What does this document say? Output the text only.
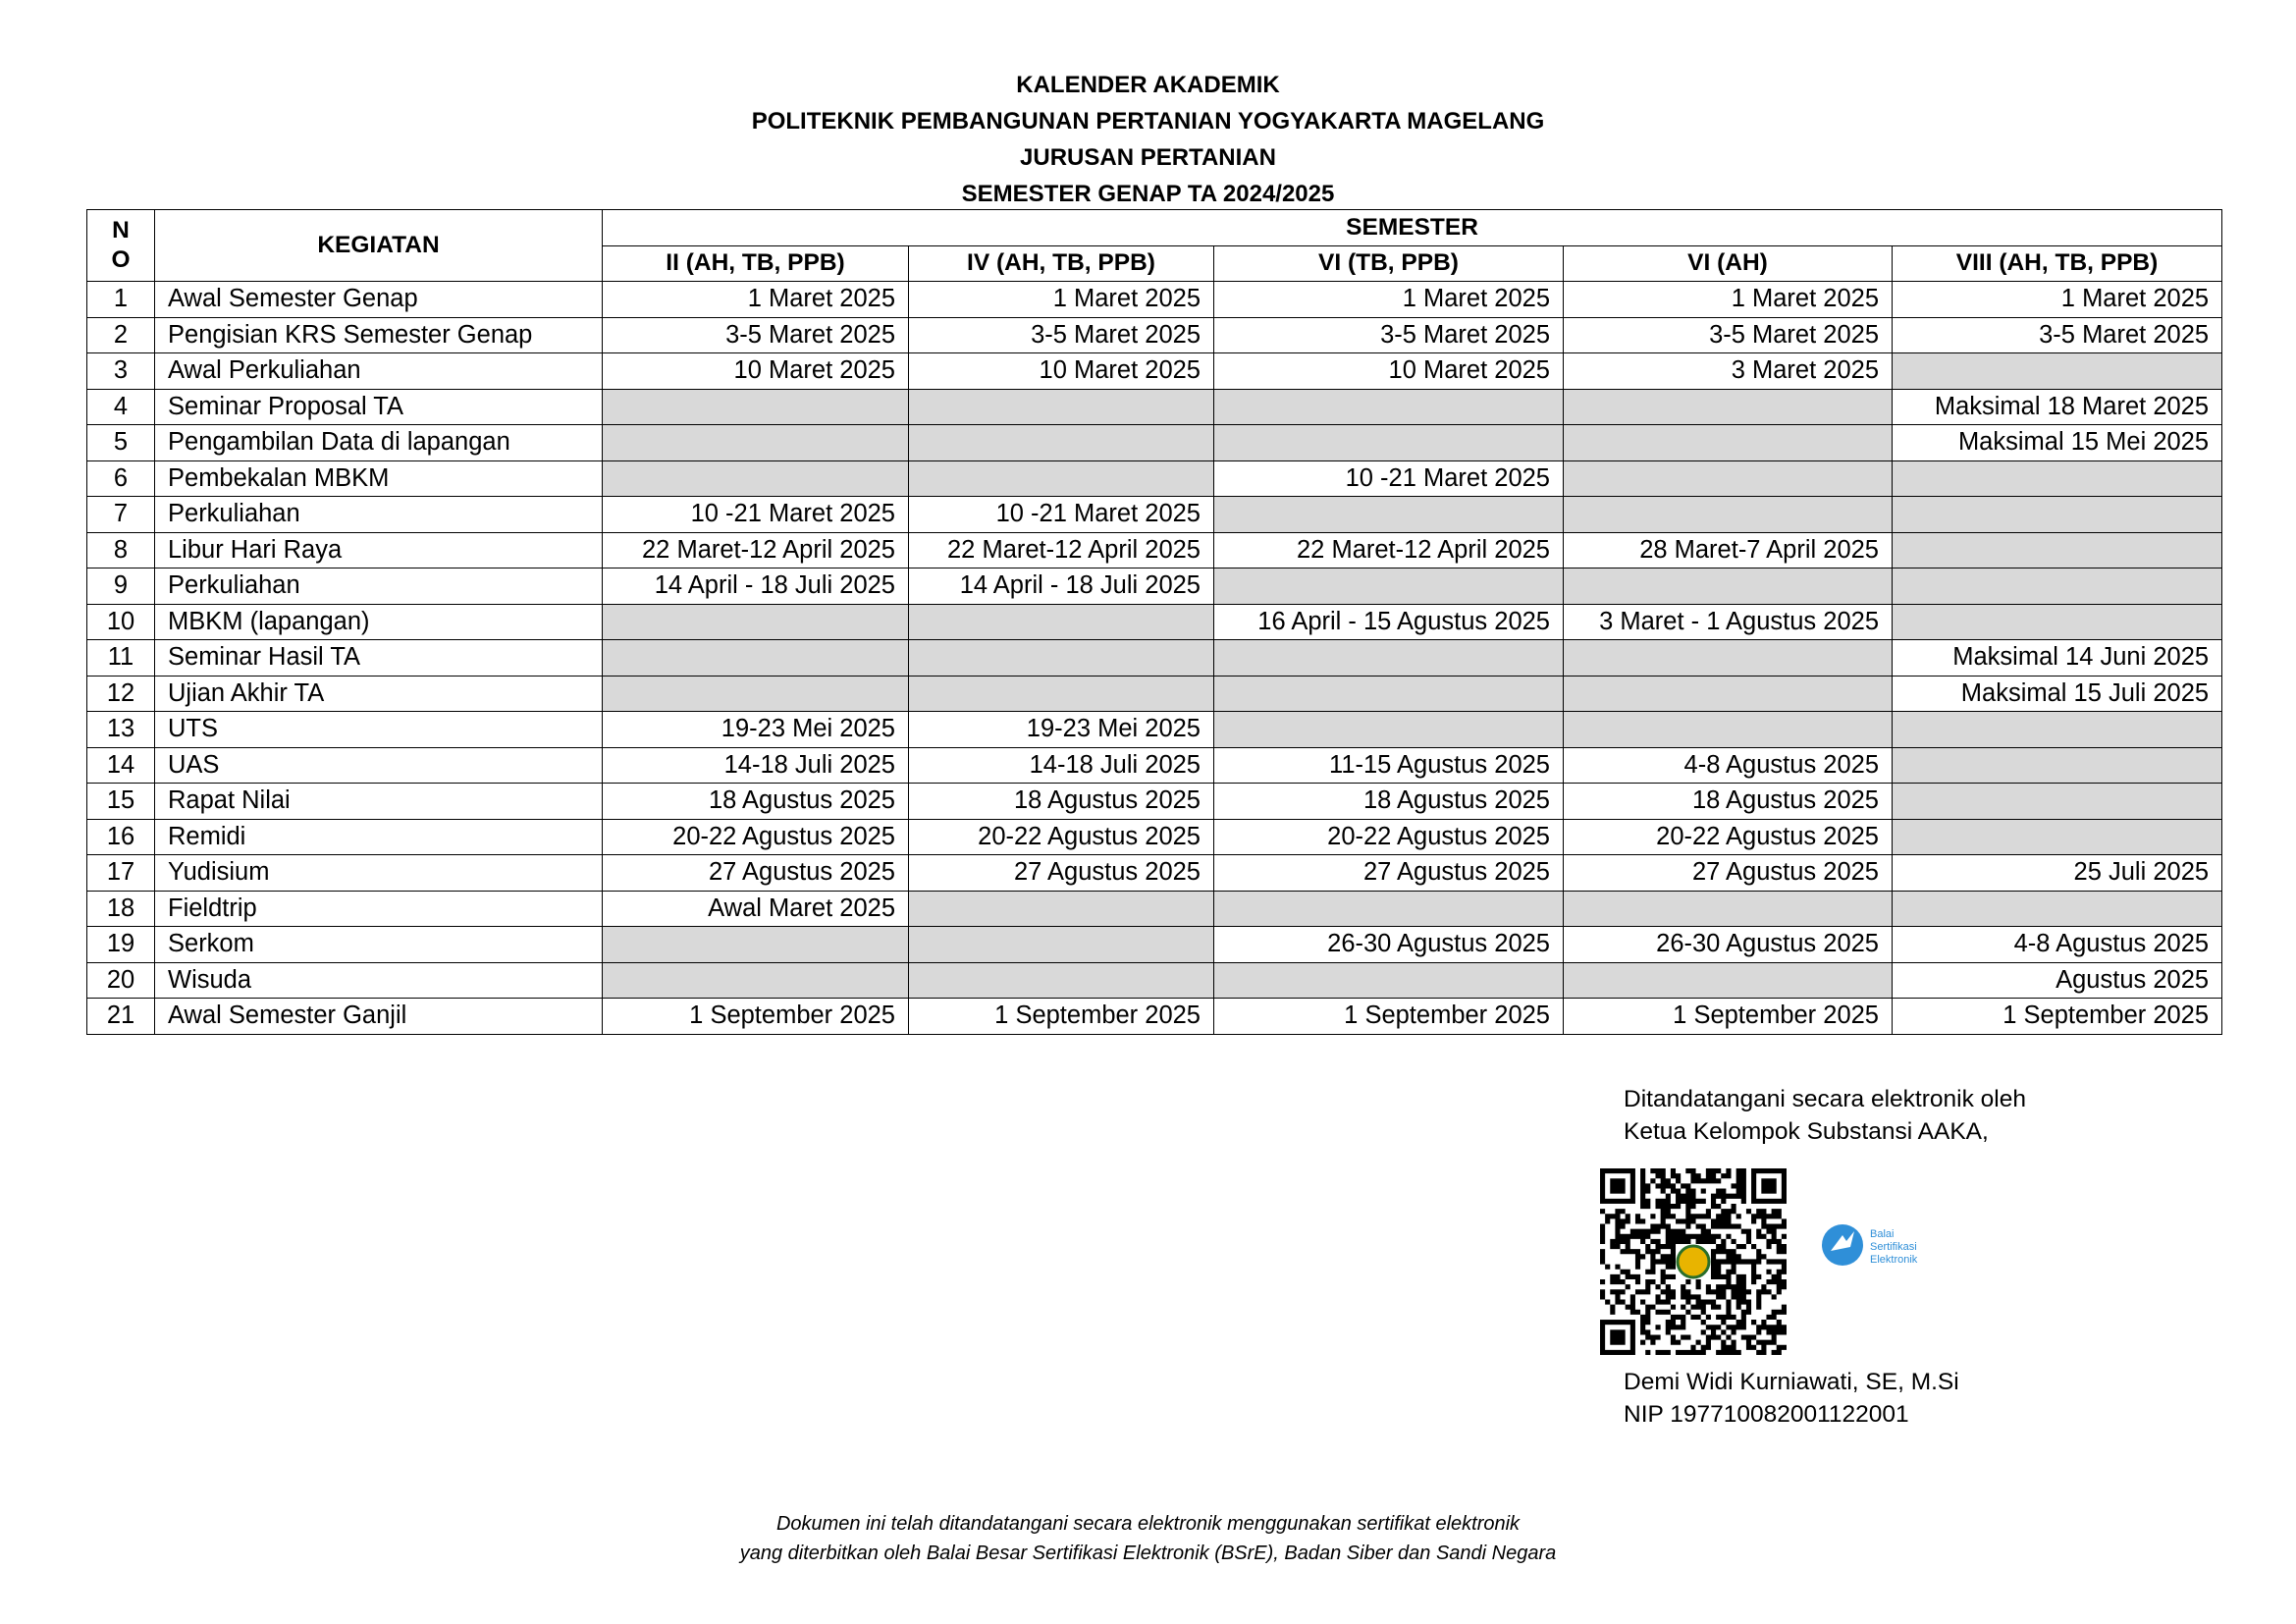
KALENDER AKADEMIK
POLITEKNIK PEMBANGUNAN PERTANIAN YOGYAKARTA MAGELANG
JURUSAN PERTANIAN
SEMESTER GENAP TA 2024/2025
N
O	KEGIATAN	SEMESTER				
		II (AH, TB, PPB)	IV (AH, TB, PPB)	VI (TB, PPB)	VI (AH)	VIII (AH, TB, PPB)
1	Awal Semester Genap	1 Maret 2025	1 Maret 2025	1 Maret 2025	1 Maret 2025	1 Maret 2025
2	Pengisian KRS Semester Genap	3-5 Maret 2025	3-5 Maret 2025	3-5 Maret 2025	3-5 Maret 2025	3-5 Maret 2025
3	Awal Perkuliahan	10 Maret 2025	10 Maret 2025	10 Maret 2025	3 Maret 2025	
4	Seminar Proposal TA					Maksimal 18 Maret 2025
5	Pengambilan Data di lapangan					Maksimal 15 Mei 2025
6	Pembekalan MBKM			10 -21 Maret 2025		
7	Perkuliahan	10 -21 Maret 2025	10 -21 Maret 2025			
8	Libur Hari Raya	22 Maret-12 April 2025	22 Maret-12 April 2025	22 Maret-12 April 2025	28 Maret-7 April 2025	
9	Perkuliahan	14 April - 18 Juli 2025	14 April - 18 Juli 2025			
10	MBKM (lapangan)			16 April - 15 Agustus 2025	3 Maret - 1 Agustus 2025	
11	Seminar Hasil TA					Maksimal 14 Juni 2025
12	Ujian Akhir TA					Maksimal 15 Juli 2025
13	UTS	19-23 Mei 2025	19-23 Mei 2025			
14	UAS	14-18 Juli 2025	14-18 Juli 2025	11-15 Agustus 2025	4-8 Agustus 2025	
15	Rapat Nilai	18 Agustus 2025	18 Agustus 2025	18 Agustus 2025	18 Agustus 2025	
16	Remidi	20-22 Agustus 2025	20-22 Agustus 2025	20-22 Agustus 2025	20-22 Agustus 2025	
17	Yudisium	27 Agustus 2025	27 Agustus 2025	27 Agustus 2025	27 Agustus 2025	25 Juli 2025
18	Fieldtrip	Awal Maret 2025				
19	Serkom			26-30 Agustus 2025	26-30 Agustus 2025	4-8 Agustus 2025
20	Wisuda					Agustus 2025
21	Awal Semester Ganjil	1 September 2025	1 September 2025	1 September 2025	1 September 2025	1 September 2025
Ditandatangani secara elektronik oleh
Ketua Kelompok Substansi AAKA,
Balai
Sertifikasi
Elektronik
Demi Widi Kurniawati, SE, M.Si
NIP 197710082001122001
Dokumen ini telah ditandatangani secara elektronik menggunakan sertifikat elektronik
yang diterbitkan oleh Balai Besar Sertifikasi Elektronik (BSrE), Badan Siber dan Sandi Negara
